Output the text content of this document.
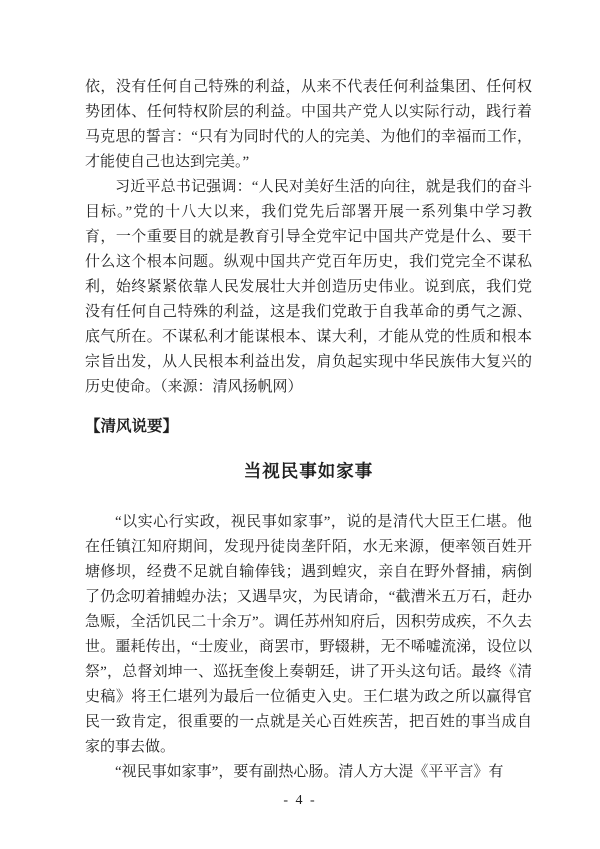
依，没有任何自己特殊的利益，从来不代表任何利益集团、任何权势团体、任何特权阶层的利益。中国共产党人以实际行动，践行着马克思的誓言：“只有为同时代的人的完美、为他们的幸福而工作，才能使自己也达到完美。”

习近平总书记强调：“人民对美好生活的向往，就是我们的奋斗目标。”党的十八大以来，我们党先后部署开展一系列集中学习教育，一个重要目的就是教育引导全党牢记中国共产党是什么、要干什么这个根本问题。纵观中国共产党百年历史，我们党完全不谋私利，始终紧紧依靠人民发展壮大并创造历史伟业。说到底，我们党没有任何自己特殊的利益，这是我们党敢于自我革命的勇气之源、底气所在。不谋私利才能谋根本、谋大利，才能从党的性质和根本宗旨出发，从人民根本利益出发，肩负起实现中华民族伟大复兴的历史使命。（来源：清风扬帆网）

【清风说要】
当视民事如家事

“以实心行实政，视民事如家事”，说的是清代大臣王仁堪。他在任镇江知府期间，发现丹徒岗垄阡陌，水无来源，便率领百姓开塘修坝，经费不足就自输俸钱；遇到蝗灾，亲自在野外督捕，病倒了仍念叨着捕蝗办法；又遇旱灾，为民请命，“截漕米五万石，赶办急赈，全活饥民二十余万”。调任苏州知府后，因积劳成疾，不久去世。噩耗传出，“士废业，商罢市，野辍耕，无不唏嘘流涕，设位以祭”，总督刘坤一、巡抚奎俊上奏朝廷，讲了开头这句话。最终《清史稿》将王仁堪列为最后一位循吏入史。王仁堪为政之所以赢得官民一致肯定，很重要的一点就是关心百姓疾苦，把百姓的事当成自家的事去做。

“视民事如家事”，要有副热心肠。清人方大湜《平平言》有

- 4 -
